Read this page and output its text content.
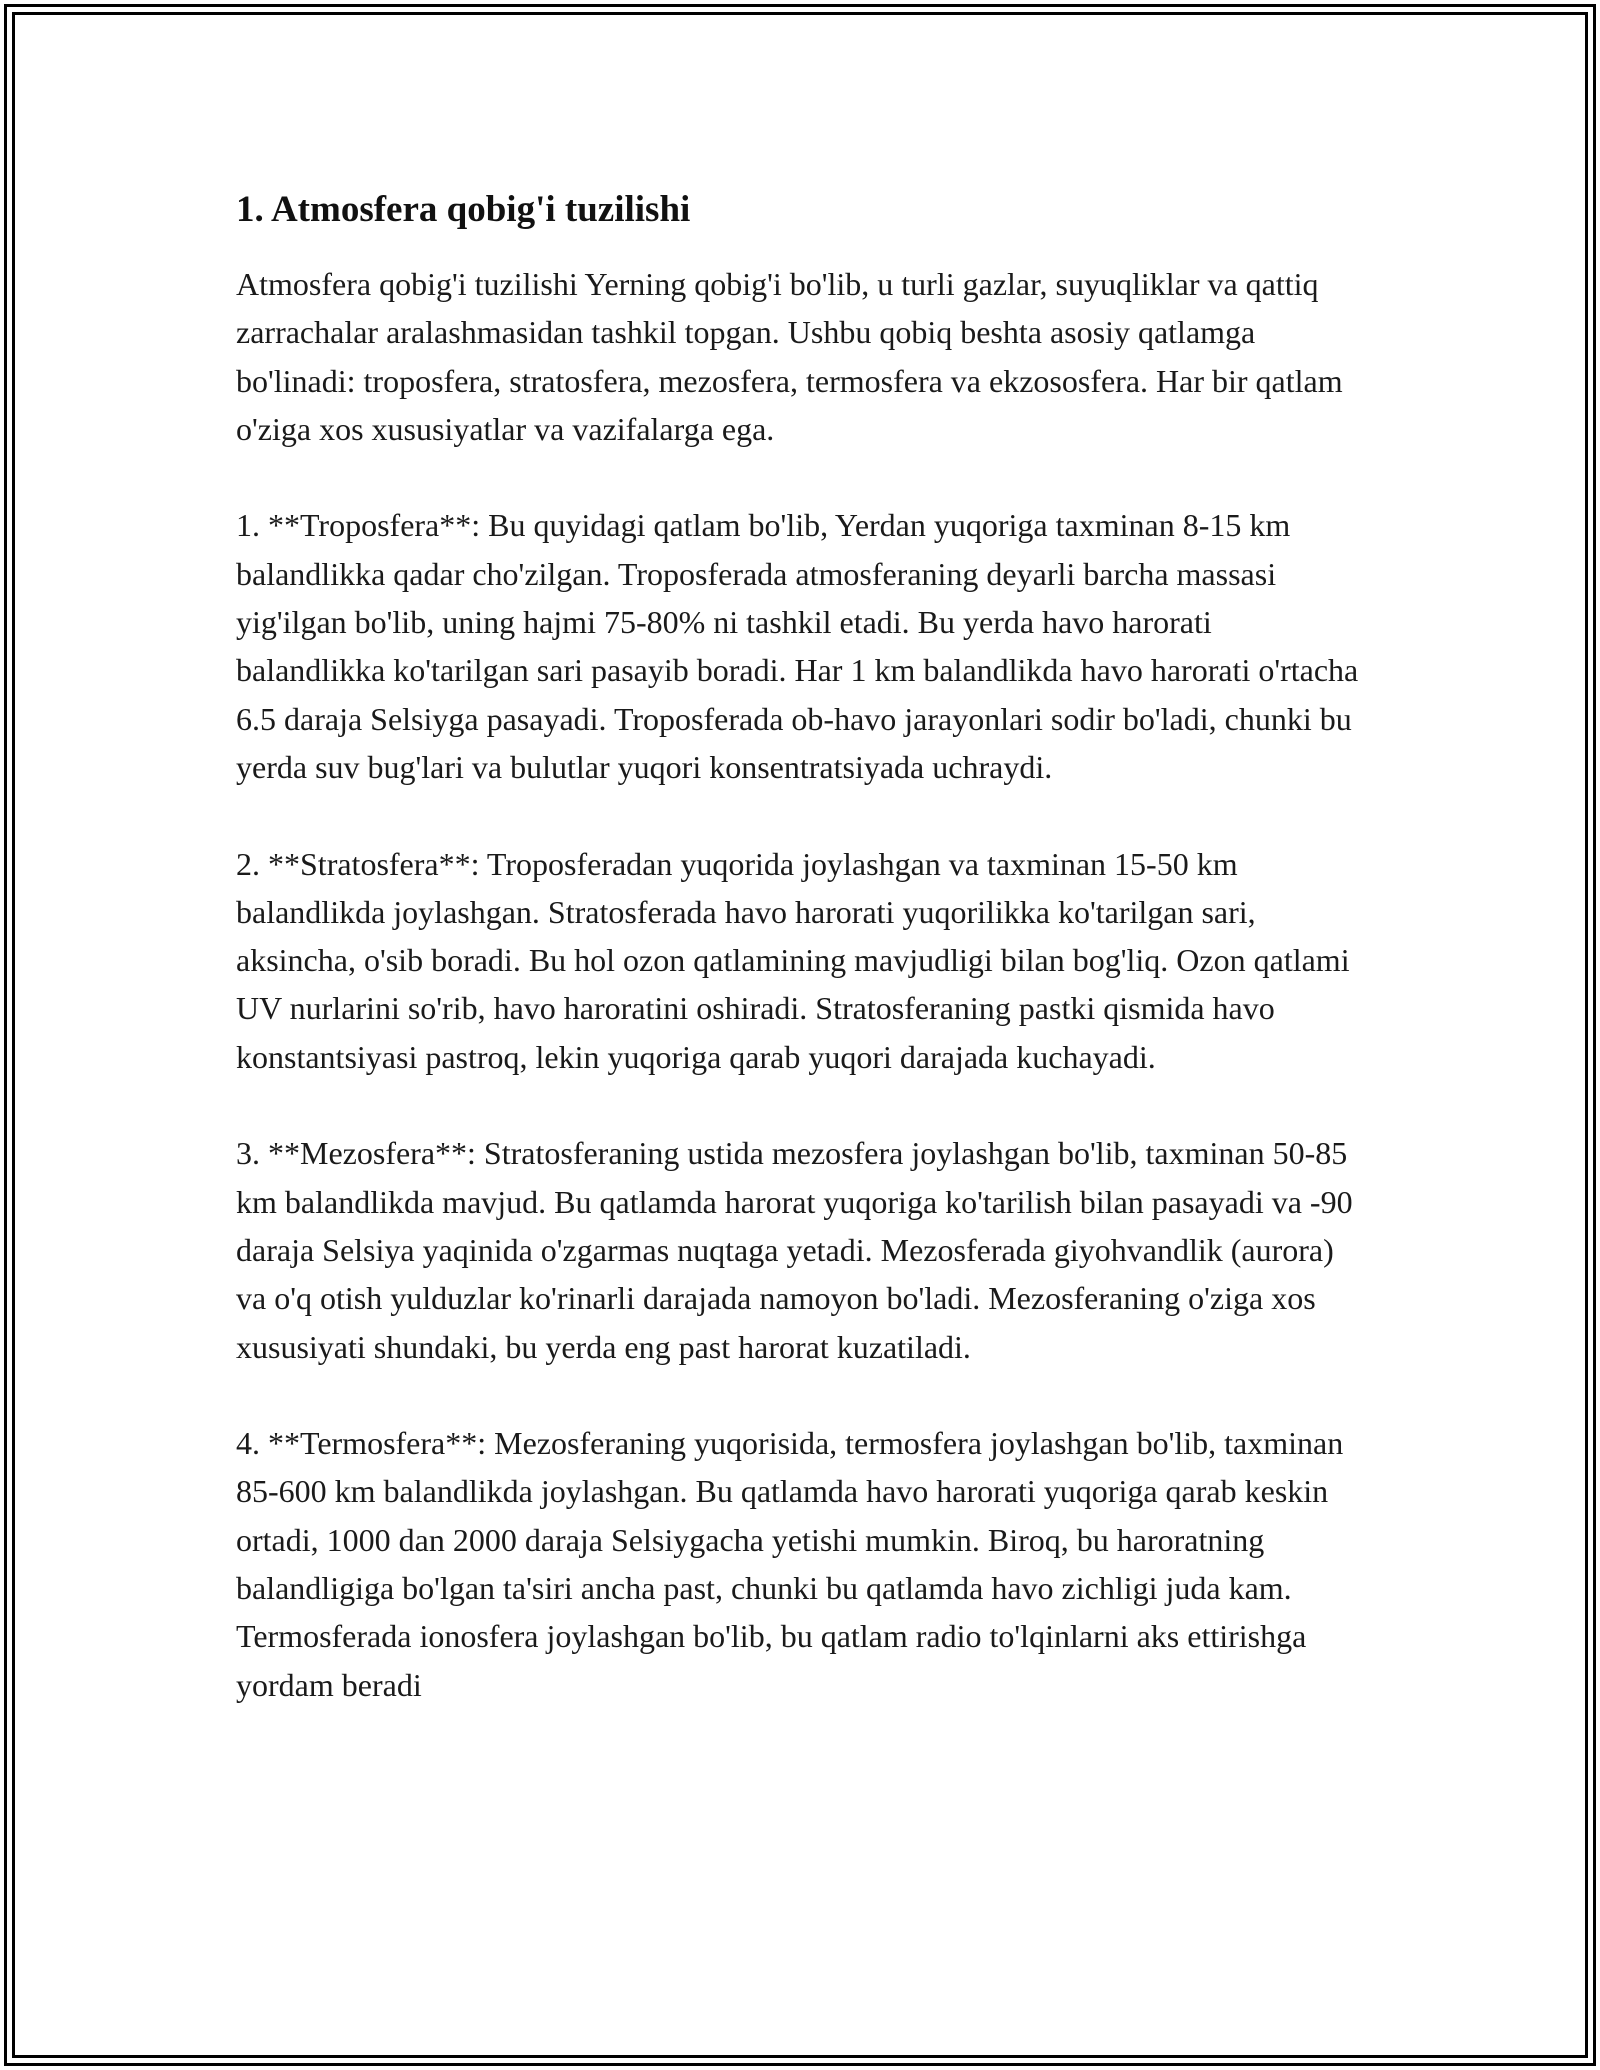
1. Atmosfera qobig'i tuzilishi

Atmosfera qobig'i tuzilishi Yerning qobig'i bo'lib, u turli gazlar, suyuqliklar va qattiq zarrachalar aralashmasidan tashkil topgan. Ushbu qobiq beshta asosiy qatlamga bo'linadi: troposfera, stratosfera, mezosfera, termosfera va ekzososfera. Har bir qatlam o'ziga xos xususiyatlar va vazifalarga ega.

1. **Troposfera**: Bu quyidagi qatlam bo'lib, Yerdan yuqoriga taxminan 8-15 km balandlikka qadar cho'zilgan. Troposferada atmosferaning deyarli barcha massasi yig'ilgan bo'lib, uning hajmi 75-80% ni tashkil etadi. Bu yerda havo harorati balandlikka ko'tarilgan sari pasayib boradi. Har 1 km balandlikda havo harorati o'rtacha 6.5 daraja Selsiyga pasayadi. Troposferada ob-havo jarayonlari sodir bo'ladi, chunki bu yerda suv bug'lari va bulutlar yuqori konsentratsiyada uchraydi.

2. **Stratosfera**: Troposferadan yuqorida joylashgan va taxminan 15-50 km balandlikda joylashgan. Stratosferada havo harorati yuqorilikka ko'tarilgan sari, aksincha, o'sib boradi. Bu hol ozon qatlamining mavjudligi bilan bog'liq. Ozon qatlami UV nurlarini so'rib, havo haroratini oshiradi. Stratosferaning pastki qismida havo konstantsiyasi pastroq, lekin yuqoriga qarab yuqori darajada kuchayadi.

3. **Mezosfera**: Stratosferaning ustida mezosfera joylashgan bo'lib, taxminan 50-85 km balandlikda mavjud. Bu qatlamda harorat yuqoriga ko'tarilish bilan pasayadi va -90 daraja Selsiya yaqinida o'zgarmas nuqtaga yetadi. Mezosferada giyohvandlik (aurora) va o'q otish yulduzlar ko'rinarli darajada namoyon bo'ladi. Mezosferaning o'ziga xos xususiyati shundaki, bu yerda eng past harorat kuzatiladi.

4. **Termosfera**: Mezosferaning yuqorisida, termosfera joylashgan bo'lib, taxminan 85-600 km balandlikda joylashgan. Bu qatlamda havo harorati yuqoriga qarab keskin ortadi, 1000 dan 2000 daraja Selsiygacha yetishi mumkin. Biroq, bu haroratning balandligiga bo'lgan ta'siri ancha past, chunki bu qatlamda havo zichligi juda kam. Termosferada ionosfera joylashgan bo'lib, bu qatlam radio to'lqinlarni aks ettirishga yordam beradi
